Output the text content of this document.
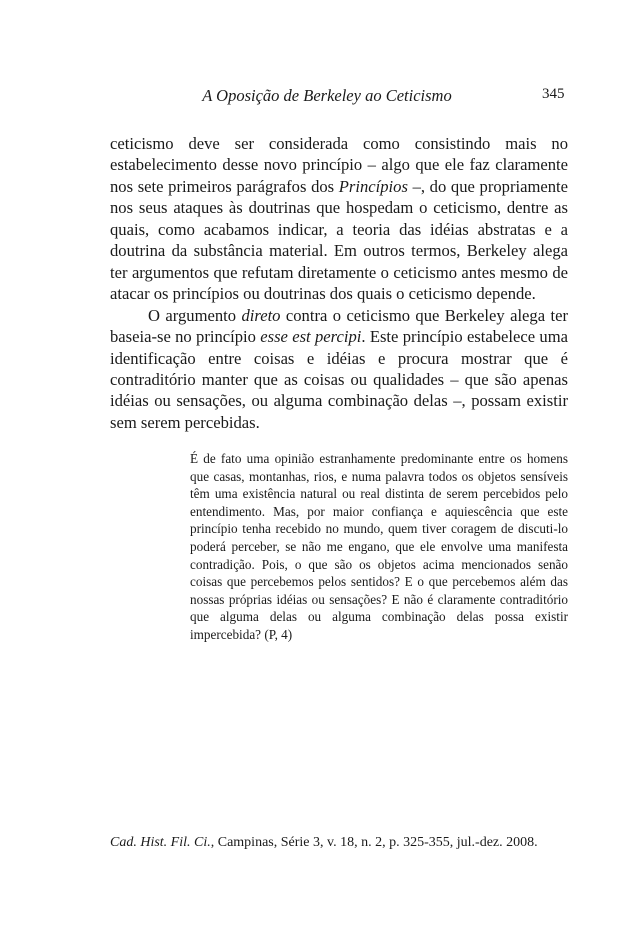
A Oposição de Berkeley ao Ceticismo	345

ceticismo deve ser considerada como consistindo mais no estabelecimento desse novo princípio – algo que ele faz claramente nos sete primeiros parágrafos dos Princípios –, do que propriamente nos seus ataques às doutrinas que hospedam o ceticismo, dentre as quais, como acabamos indicar, a teoria das idéias abstratas e a doutrina da substância material. Em outros termos, Berkeley alega ter argumentos que refutam diretamente o ceticismo antes mesmo de atacar os princípios ou doutrinas dos quais o ceticismo depende.

O argumento direto contra o ceticismo que Berkeley alega ter baseia-se no princípio esse est percipi. Este princípio estabelece uma identificação entre coisas e idéias e procura mostrar que é contraditório manter que as coisas ou qualidades – que são apenas idéias ou sensações, ou alguma combinação delas –, possam existir sem serem percebidas.

É de fato uma opinião estranhamente predominante entre os homens que casas, montanhas, rios, e numa palavra todos os objetos sensíveis têm uma existência natural ou real distinta de serem percebidos pelo entendimento. Mas, por maior confiança e aquiescência que este princípio tenha recebido no mundo, quem tiver coragem de discuti-lo poderá perceber, se não me engano, que ele envolve uma manifesta contradição. Pois, o que são os objetos acima mencionados senão coisas que percebemos pelos sentidos? E o que percebemos além das nossas próprias idéias ou sensações? E não é claramente contraditório que alguma delas ou alguma combinação delas possa existir impercebida? (P, 4)

Cad. Hist. Fil. Ci., Campinas, Série 3, v. 18, n. 2, p. 325-355, jul.-dez. 2008.
